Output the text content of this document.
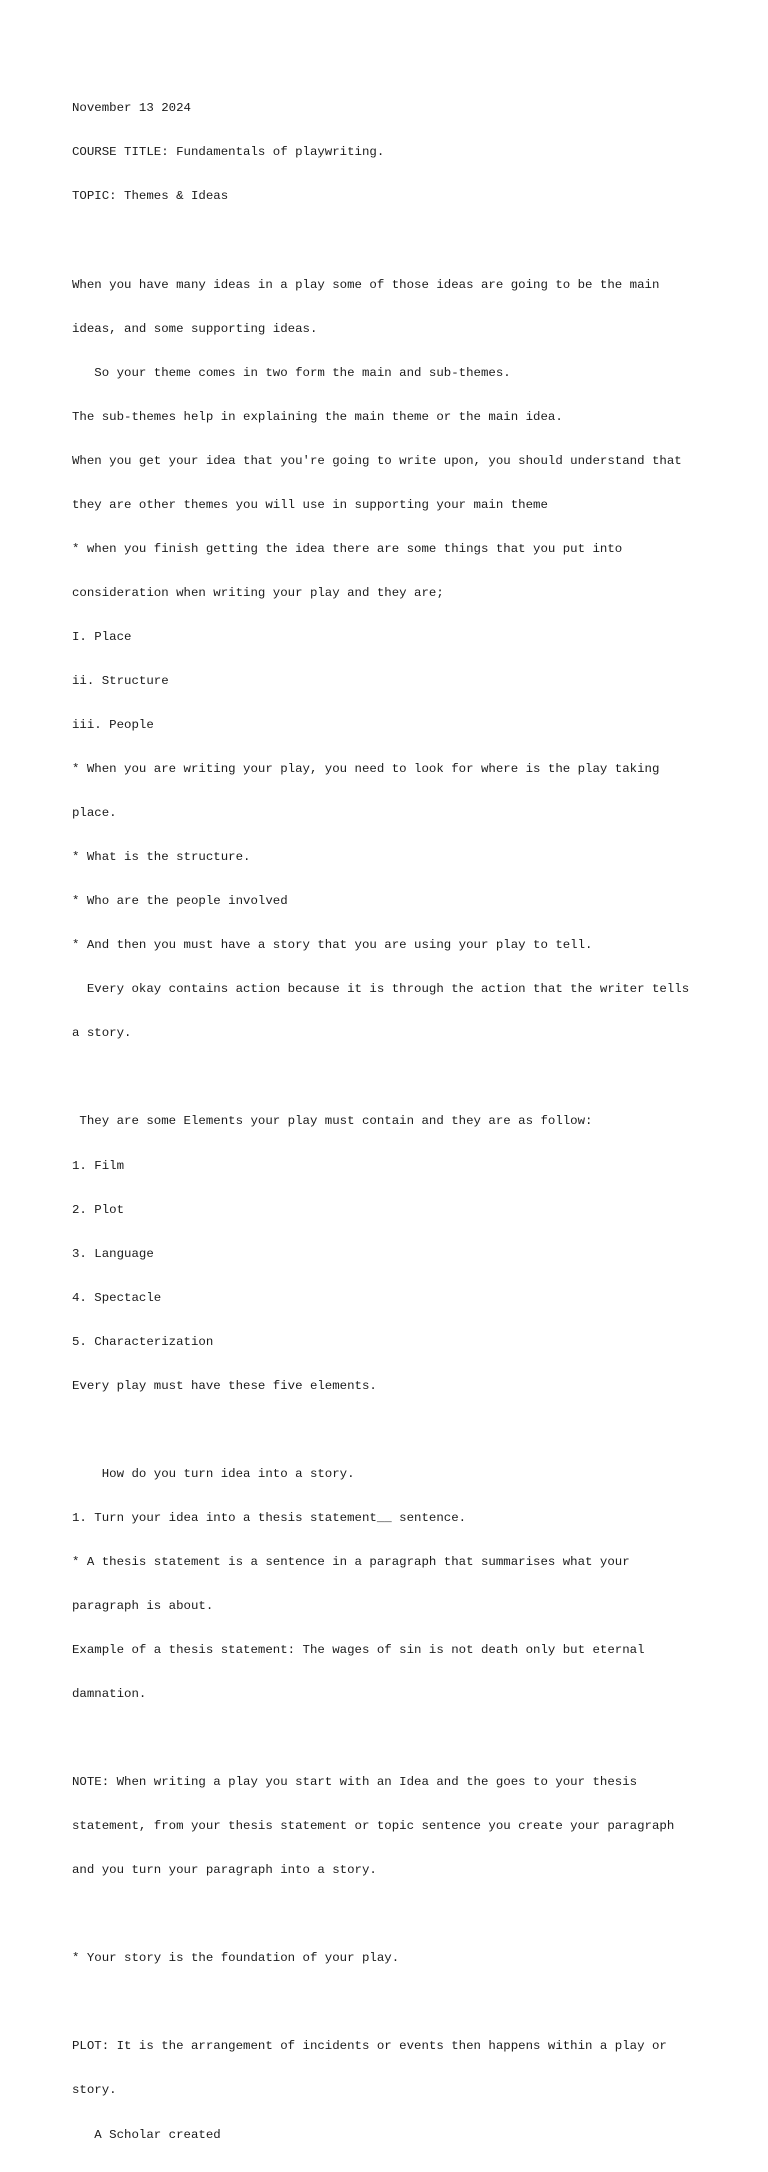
November 13 2024

COURSE TITLE: Fundamentals of playwriting.

TOPIC: Themes & Ideas

When you have many ideas in a play some of those ideas are going to be the main

ideas, and some supporting ideas.

So your theme comes in two form the main and sub-themes.

The sub-themes help in explaining the main theme or the main idea.

When you get your idea that you're going to write upon, you should understand that

they are other themes you will use in supporting your main theme

* when you finish getting the idea there are some things that you put into

consideration when writing your play and they are;

I. Place

ii. Structure

iii. People

* When you are writing your play, you need to look for where is the play taking

place.

* What is the structure.

* Who are the people involved

* And then you must have a story that you are using your play to tell.

Every okay contains action because it is through the action that the writer tells

a story.

They are some Elements your play must contain and they are as follow:

1. Film

2. Plot

3. Language

4. Spectacle

5. Characterization

Every play must have these five elements.

How do you turn idea into a story.

1. Turn your idea into a thesis statement__ sentence.

* A thesis statement is a sentence in a paragraph that summarises what your

paragraph is about.

Example of a thesis statement: The wages of sin is not death only but eternal

damnation.

NOTE: When writing a play you start with an Idea and the goes to your thesis

statement, from your thesis statement or topic sentence you create your paragraph

and you turn your paragraph into a story.

* Your story is the foundation of your play.

PLOT: It is the arrangement of incidents or events then happens within a play or

story.

A Scholar created
